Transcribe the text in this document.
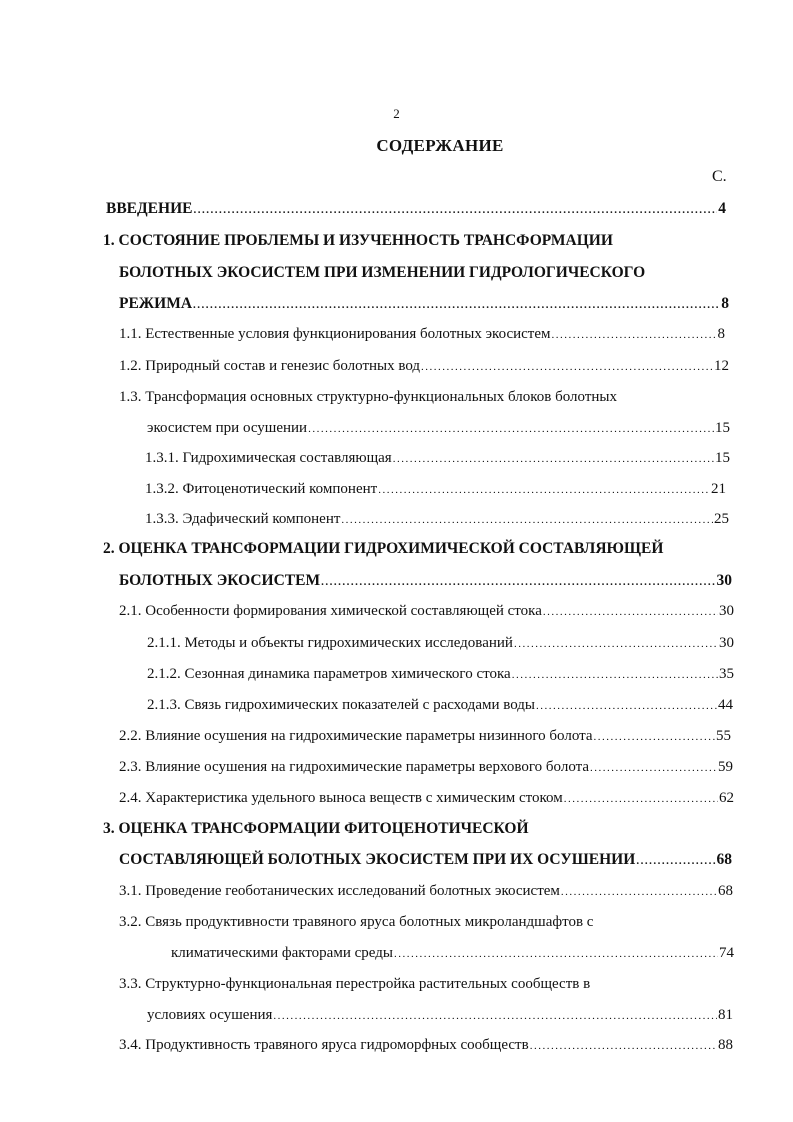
2
СОДЕРЖАНИЕ
С.
ВВЕДЕНИЕ .....	4
1. СОСТОЯНИЕ ПРОБЛЕМЫ И ИЗУЧЕННОСТЬ ТРАНСФОРМАЦИИ
БОЛОТНЫХ ЭКОСИСТЕМ ПРИ ИЗМЕНЕНИИ ГИДРОЛОГИЧЕСКОГО
РЕЖИМА .....	8
1.1. Естественные условия функционирования болотных экосистем .....	8
1.2. Природный состав и генезис болотных вод .....	12
1.3. Трансформация основных структурно-функциональных блоков болотных
экосистем при осушении .....	15
1.3.1. Гидрохимическая составляющая .....	15
1.3.2. Фитоценотический компонент .....	21
1.3.3. Эдафический компонент .....	25
2. ОЦЕНКА ТРАНСФОРМАЦИИ ГИДРОХИМИЧЕСКОЙ СОСТАВЛЯЮЩЕЙ
БОЛОТНЫХ ЭКОСИСТЕМ .....	30
2.1. Особенности формирования химической составляющей стока .....	30
2.1.1. Методы и объекты гидрохимических исследований .....	30
2.1.2. Сезонная динамика параметров химического стока .....	35
2.1.3. Связь гидрохимических показателей с расходами воды .....	44
2.2. Влияние осушения на гидрохимические параметры низинного болота .....	55
2.3. Влияние осушения на гидрохимические параметры верхового болота .....	59
2.4. Характеристика удельного выноса веществ с химическим стоком .....	62
3. ОЦЕНКА ТРАНСФОРМАЦИИ ФИТОЦЕНОТИЧЕСКОЙ
СОСТАВЛЯЮЩЕЙ БОЛОТНЫХ ЭКОСИСТЕМ ПРИ ИХ ОСУШЕНИИ .....	68
3.1. Проведение геоботанических исследований болотных экосистем .....	68
3.2. Связь продуктивности травяного яруса болотных микроландшафтов с
климатическими факторами среды .....	74
3.3. Структурно-функциональная перестройка растительных сообществ в
условиях осушения .....	81
3.4. Продуктивность травяного яруса гидроморфных сообществ .....	88
